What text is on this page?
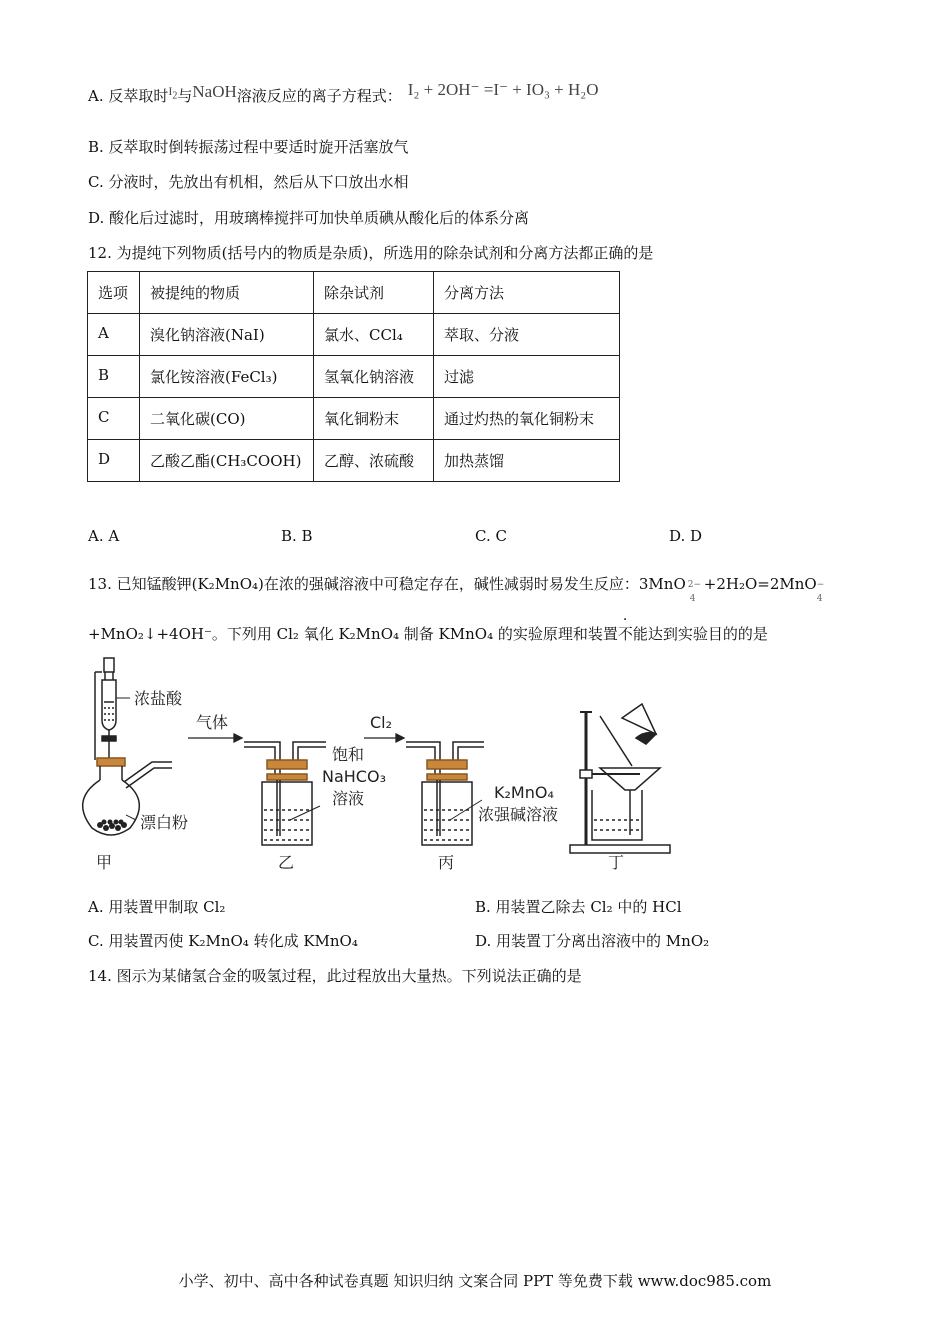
A. 反萃取时$^{I_2}$与NaOH溶液反应的离子方程式： I₂ + 2OH⁻ =I⁻ + IO₃ + H₂O
B. 反萃取时倒转振荡过程中要适时旋开活塞放气
C. 分液时，先放出有机相，然后从下口放出水相
D. 酸化后过滤时，用玻璃棒搅拌可加快单质碘从酸化后的体系分离
12. 为提纯下列物质(括号内的物质是杂质)，所选用的除杂试剂和分离方法都正确的是
选项	被提纯的物质	除杂试剂	分离方法
A	溴化钠溶液(NaI)	氯水、CCl₄	萃取、分液
B	氯化铵溶液(FeCl₃)	氢氧化钠溶液	过滤
C	二氧化碳(CO)	氧化铜粉末	通过灼热的氧化铜粉末
D	乙酸乙酯(CH₃COOH)	乙醇、浓硫酸	加热蒸馏
A. A	B. B	C. C	D. D
13. 已知锰酸钾(K₂MnO₄)在浓的强碱溶液中可稳定存在，碱性减弱时易发生反应：3MnO 2−
4
+2H₂O=2MnO −
4
+MnO₂↓+4OH⁻。下列用 Cl₂ 氧化 K₂MnO₄ 制备 KMnO₄ 的实验原理和装置不能达到实验目的的是
浓盐酸
漂白粉
甲
气体
饱和
NaHCO₃
溶液
乙
Cl₂
K₂MnO₄
浓强碱溶液
丙	丁
A. 用装置甲制取 Cl₂	B. 用装置乙除去 Cl₂ 中的 HCl
C. 用装置丙使 K₂MnO₄ 转化成 KMnO₄	D. 用装置丁分离出溶液中的 MnO₂
14. 图示为某储氢合金的吸氢过程，此过程放出大量热。下列说法正确的是
小学、初中、高中各种试卷真题 知识归纳 文案合同 PPT 等免费下载 www.doc985.com
